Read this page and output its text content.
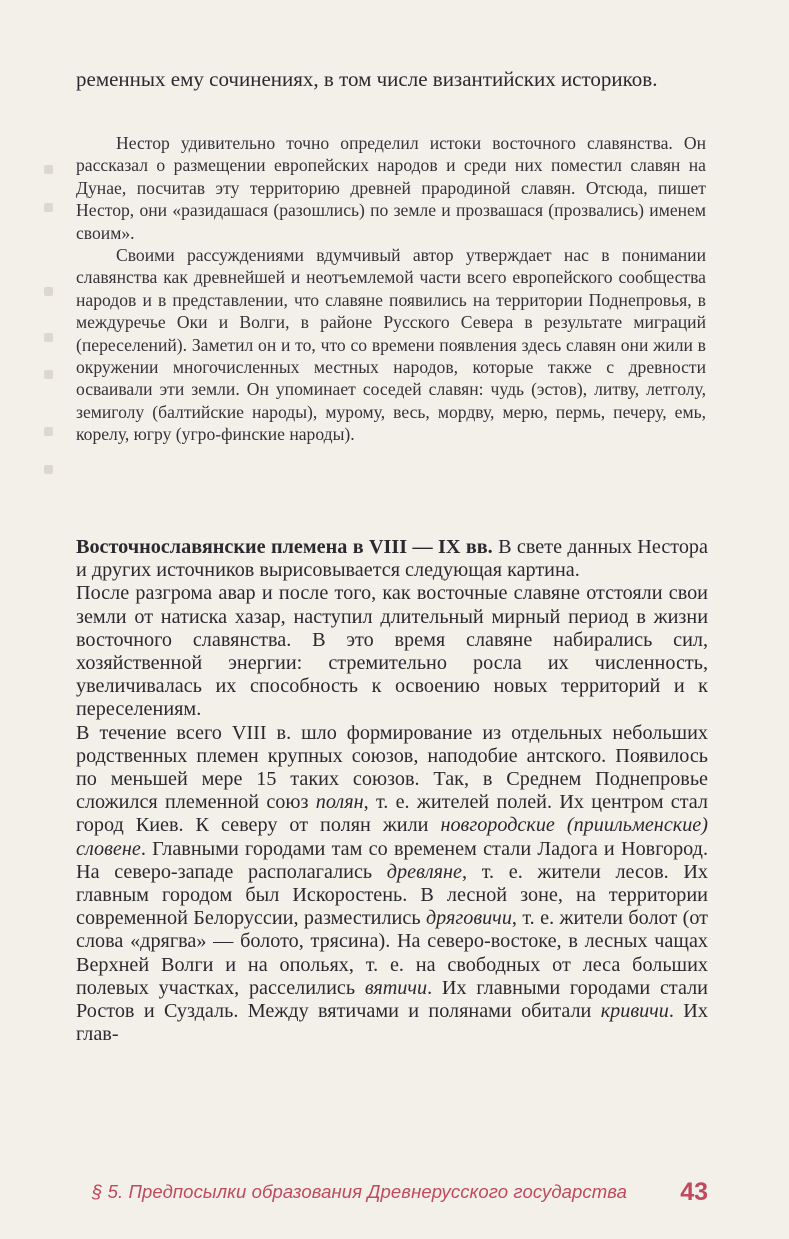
ременных ему сочинениях, в том числе византийских историков.

Нестор удивительно точно определил истоки восточного славянства. Он рассказал о размещении европейских народов и среди них поместил славян на Дунае, посчитав эту территорию древней прародиной славян. Отсюда, пишет Нестор, они «разидашася (разошлись) по земле и прозвашася (прозвались) именем своим».

Своими рассуждениями вдумчивый автор утверждает нас в понимании славянства как древнейшей и неотъемлемой части всего европейского сообщества народов и в представлении, что славяне появились на территории Поднепровья, в междуречье Оки и Волги, в районе Русского Севера в результате миграций (переселений). Заметил он и то, что со времени появления здесь славян они жили в окружении многочисленных местных народов, которые также с древности осваивали эти земли. Он упоминает соседей славян: чудь (эстов), литву, летголу, земиголу (балтийские народы), мурому, весь, мордву, мерю, пермь, печеру, емь, корелу, югру (угро-финские народы).

Восточнославянские племена в VIII — IX вв. В свете данных Нестора и других источников вырисовывается следующая картина.

После разгрома авар и после того, как восточные славяне отстояли свои земли от натиска хазар, наступил длительный мирный период в жизни восточного славянства. В это время славяне набирались сил, хозяйственной энергии: стремительно росла их численность, увеличивалась их способность к освоению новых территорий и к переселениям.

В течение всего VIII в. шло формирование из отдельных небольших родственных племен крупных союзов, наподобие антского. Появилось по меньшей мере 15 таких союзов. Так, в Среднем Поднепровье сложился племенной союз полян, т. е. жителей полей. Их центром стал город Киев. К северу от полян жили новгородские (приильменские) словене. Главными городами там со временем стали Ладога и Новгород. На северо-западе располагались древляне, т. е. жители лесов. Их главным городом был Искоростень. В лесной зоне, на территории современной Белоруссии, разместились дряговичи, т. е. жители болот (от слова «дрягва» — болото, трясина). На северо-востоке, в лесных чащах Верхней Волги и на опольях, т. е. на свободных от леса больших полевых участках, расселились вятичи. Их главными городами стали Ростов и Суздаль. Между вятичами и полянами обитали кривичи. Их глав-

§ 5. Предпосылки образования Древнерусского государства 43
